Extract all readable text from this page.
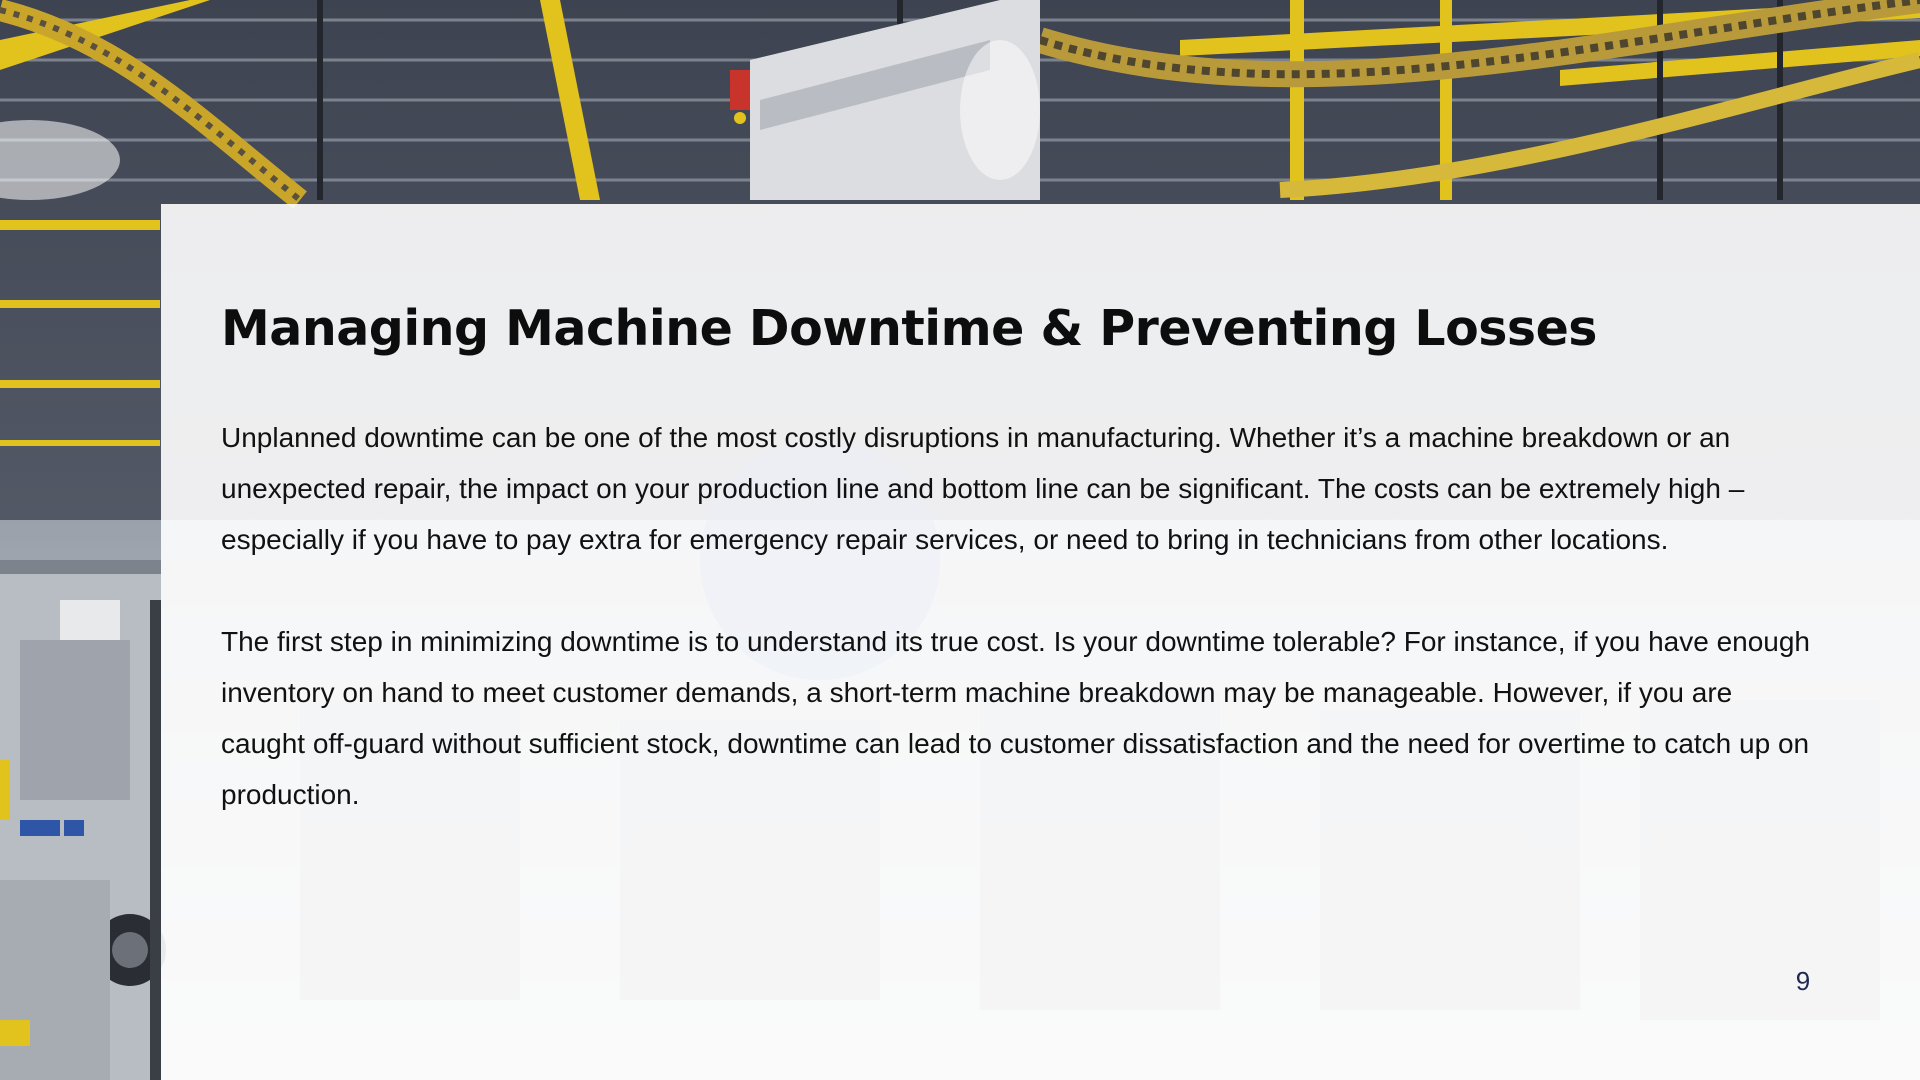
Managing Machine Downtime & Preventing Losses

Unplanned downtime can be one of the most costly disruptions in manufacturing. Whether it’s a machine breakdown or an unexpected repair, the impact on your production line and bottom line can be significant. The costs can be extremely high – especially if you have to pay extra for emergency repair services, or need to bring in technicians from other locations.

The first step in minimizing downtime is to understand its true cost. Is your downtime tolerable? For instance, if you have enough inventory on hand to meet customer demands, a short-term machine breakdown may be manageable. However, if you are caught off-guard without sufficient stock, downtime can lead to customer dissatisfaction and the need for overtime to catch up on production.

9
